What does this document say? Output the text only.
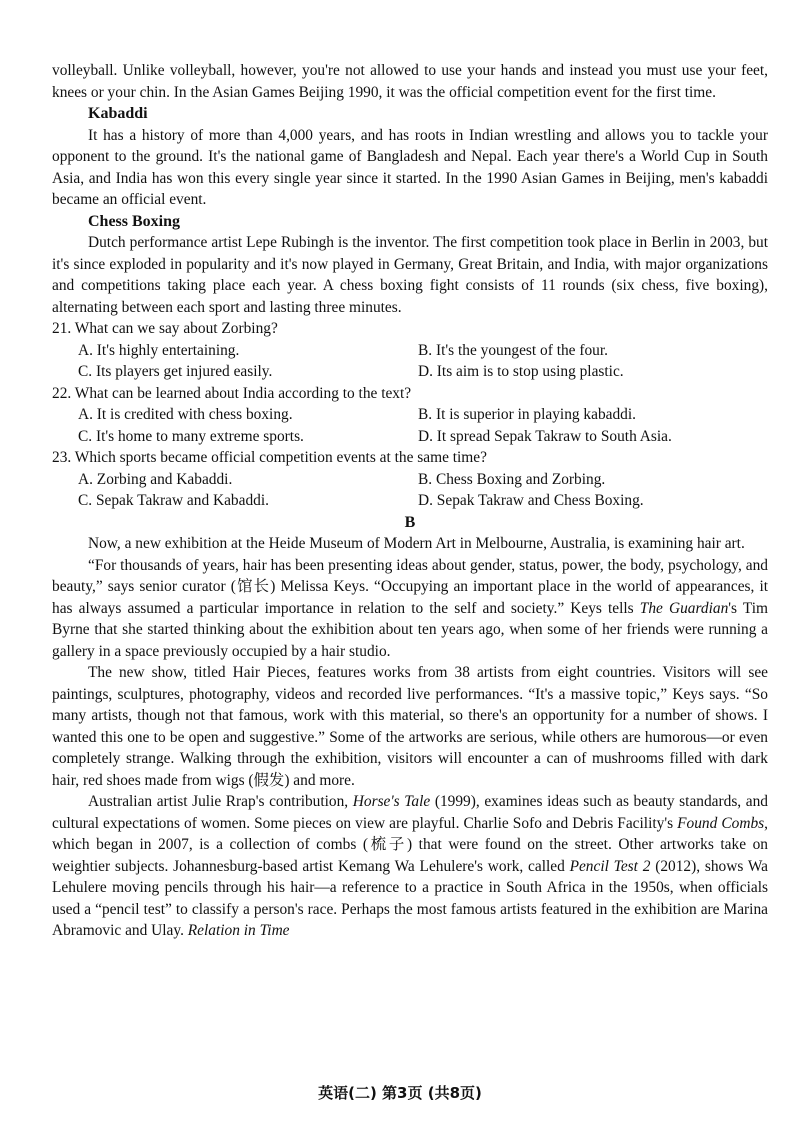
volleyball. Unlike volleyball, however, you're not allowed to use your hands and instead you must use your feet, knees or your chin. In the Asian Games Beijing 1990, it was the official competition event for the first time.

Kabaddi

It has a history of more than 4,000 years, and has roots in Indian wrestling and allows you to tackle your opponent to the ground. It's the national game of Bangladesh and Nepal. Each year there's a World Cup in South Asia, and India has won this every single year since it started. In the 1990 Asian Games in Beijing, men's kabaddi became an official event.

Chess Boxing

Dutch performance artist Lepe Rubingh is the inventor. The first competition took place in Berlin in 2003, but it's since exploded in popularity and it's now played in Germany, Great Britain, and India, with major organizations and competitions taking place each year. A chess boxing fight consists of 11 rounds (six chess, five boxing), alternating between each sport and lasting three minutes.

21. What can we say about Zorbing?

A. It's highly entertaining.	B. It's the youngest of the four.
C. Its players get injured easily.	D. Its aim is to stop using plastic.

22. What can be learned about India according to the text?

A. It is credited with chess boxing.	B. It is superior in playing kabaddi.
C. It's home to many extreme sports.	D. It spread Sepak Takraw to South Asia.

23. Which sports became official competition events at the same time?

A. Zorbing and Kabaddi.	B. Chess Boxing and Zorbing.
C. Sepak Takraw and Kabaddi.	D. Sepak Takraw and Chess Boxing.

B

Now, a new exhibition at the Heide Museum of Modern Art in Melbourne, Australia, is examining hair art.

“For thousands of years, hair has been presenting ideas about gender, status, power, the body, psychology, and beauty,” says senior curator (馆长) Melissa Keys. “Occupying an important place in the world of appearances, it has always assumed a particular importance in relation to the self and society.” Keys tells The Guardian's Tim Byrne that she started thinking about the exhibition about ten years ago, when some of her friends were running a gallery in a space previously occupied by a hair studio.

The new show, titled Hair Pieces, features works from 38 artists from eight countries. Visitors will see paintings, sculptures, photography, videos and recorded live performances. “It's a massive topic,” Keys says. “So many artists, though not that famous, work with this material, so there's an opportunity for a number of shows. I wanted this one to be open and suggestive.” Some of the artworks are serious, while others are humorous—or even completely strange. Walking through the exhibition, visitors will encounter a can of mushrooms filled with dark hair, red shoes made from wigs (假发) and more.

Australian artist Julie Rrap's contribution, Horse's Tale (1999), examines ideas such as beauty standards, and cultural expectations of women. Some pieces on view are playful. Charlie Sofo and Debris Facility's Found Combs, which began in 2007, is a collection of combs (梳子) that were found on the street. Other artworks take on weightier subjects. Johannesburg-based artist Kemang Wa Lehulere's work, called Pencil Test 2 (2012), shows Wa Lehulere moving pencils through his hair—a reference to a practice in South Africa in the 1950s, when officials used a “pencil test” to classify a person's race. Perhaps the most famous artists featured in the exhibition are Marina Abramovic and Ulay. Relation in Time

英语(二) 第3页 (共8页)
